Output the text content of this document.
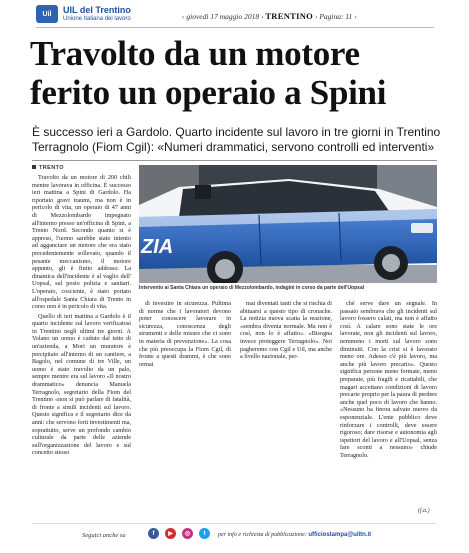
Uil	UIL del Trentino
Unione Italiana del lavoro	‹ giovedì 17 maggio 2018 › TRENTINO › Pagina: 11 ›
Travolto da un motore
ferito un operaio a Spini
È successo ieri a Gardolo. Quarto incidente sul lavoro in tre giorni in Trentino Terragnolo (Fiom Cgil): «Numeri drammatici, servono controlli ed interventi»
TRENTO

Travolto da un motore di 200 chili mentre lavorava in officina. È successo ieri mattina a Spini di Gardolo. Ha riportato gravi traumi, ma non è in pericolo di vita, un operaio di 47 anni di Mezzolombardo impegnato all'interno presso un'officina di Spini, a Trento Nord. Secondo quanto si è appreso, l'uomo sarebbe stato intento ad agganciare un motore che era stato precedentemente sollevato, quando il pesante meccanismo, il motore appunto, gli è finito addosso. La dinamica dell'incidente è al vaglio dell' Uopsal, sul posto polizia e sanitari. L'operaio, cosciente, è stato portato all'ospedale Santa Chiara di Trento in corso non è in pericolo di vita.

Quello di ieri mattina a Gardolo è il quarto incidente sul lavoro verificatosi in Trentino negli ultimi tre giorni. A Volano un uomo è caduto dal tetto di un'azienda, a Mori un muratore è precipitato all'interno di un cantiere, a Bagolo, nel comune di tre Ville, un uomo è stato travolto da un palo, sempre mentre era sul lavoro «Il nostro drammatico» denuncia Manuela Terragnolo, segretario della Fiom del Trentino «non si può parlare di fatalità, di fronte a simili incidenti sul lavoro. Questo significa e il segretario dice da anni: che servono forti investimenti ma, soprattutto, serve un profondo cambio culturale da parte delle aziende sull'organizzazione del lavoro e sul concetto stesso

ZIA
Intervento ai Santa Chiara un operaio di Mezzolombardo, indagini in corso da parte dell'Uopsal

di investire in sicurezza. Pultima di norme che i lavoratori devono poter conoscere lavorare in sicurezza, conoscenza degli strumenti e delle misure che ci sono in materia di prevenzione». La cosa che più preoccupa la Fiom Cgil, di fronte a questi drammi, è che sono ormai

mai diventati tanti che si rischia di abituarsi a questo tipo di cronache. La notizia nuova scatta la reazione, «sembra diventa normale. Ma non è così, non lo è affatto». «Bisogna invece proteggere Terragnolo». Noi pagheremo con Cgil e Uil, ma anche a livello nazionale, per-

ché serve dare un segnale. In passato sembrava che gli incidenti sul lavoro fossero calati, ma non è affatto così. A calare sono state le ore lavorate, non gli incidenti sul lavoro, nemmeno i morti sul lavoro sono diminuiti. Con la crisi si è lavorato meno ore. Adesso c'è più lavoro, ma anche più lavoro precario». Questo significa persone meno formate, meno preparate, più fragili e ricattabili, che magari accettano condizioni di lavoro precarie proprio per la paura di perdere anche quel poco di lavoro che hanno. «Nessuno ha finora salvato nuovo da esponenziale. L'ente pubblico deve rinforzare i controlli, deve essere rigoroso; dare risorse e autonomia agli ispettori del lavoro e all'Uopsal, senza fare sconti a nessuno» chiude Terragnolo.

(f.a.)
Seguici anche su	f	▶	◎	t	per info e richiesta di pubblicazione: ufficiostampa@uiltn.it
